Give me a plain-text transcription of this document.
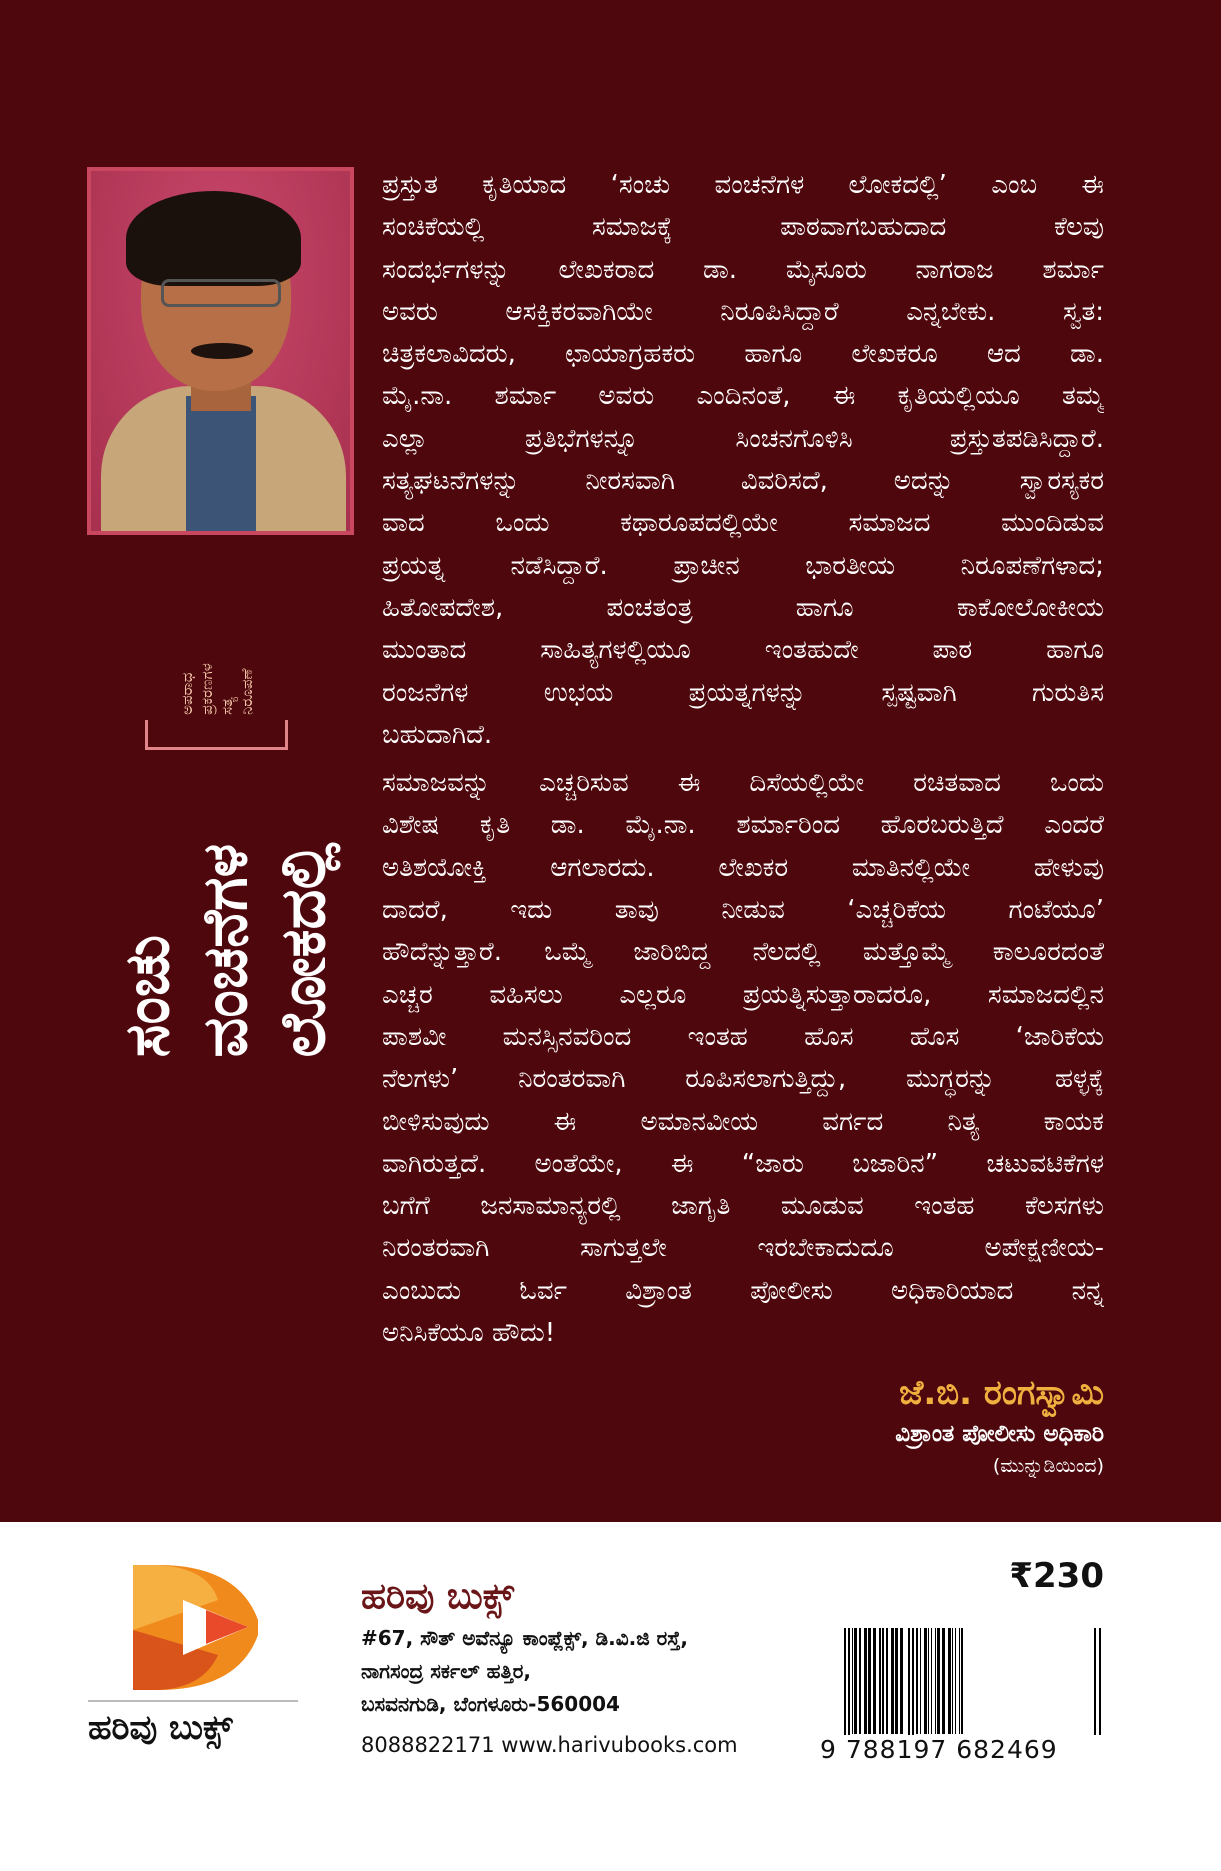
ಅಪರಾಧ ಪ್ರಕರಣಗಳ ಸತ್ಯ ನಿರೂಪಣೆ
ಸಂಚು ವಂಚನೆಗಳ ಲೋಕದಲ್ಲಿ
ಪ್ರಸ್ತುತ ಕೃತಿಯಾದ ‘ಸಂಚು ವಂಚನೆಗಳ ಲೋಕದಲ್ಲಿ’ ಎಂಬ ಈ
ಸಂಚಿಕೆಯಲ್ಲಿ ಸಮಾಜಕ್ಕೆ ಪಾಠವಾಗಬಹುದಾದ ಕೆಲವು
ಸಂದರ್ಭಗಳನ್ನು ಲೇಖಕರಾದ ಡಾ. ಮೈಸೂರು ನಾಗರಾಜ ಶರ್ಮಾ
ಅವರು ಆಸಕ್ತಿಕರವಾಗಿಯೇ ನಿರೂಪಿಸಿದ್ದಾರೆ ಎನ್ನಬೇಕು. ಸ್ವತ:
ಚಿತ್ರಕಲಾವಿದರು, ಛಾಯಾಗ್ರಹಕರು ಹಾಗೂ ಲೇಖಕರೂ ಆದ ಡಾ.
ಮೈ.ನಾ. ಶರ್ಮಾ ಅವರು ಎಂದಿನಂತೆ, ಈ ಕೃತಿಯಲ್ಲಿಯೂ ತಮ್ಮ
ಎಲ್ಲಾ ಪ್ರತಿಭೆಗಳನ್ನೂ ಸಿಂಚನಗೊಳಿಸಿ ಪ್ರಸ್ತುತಪಡಿಸಿದ್ದಾರೆ.
ಸತ್ಯಘಟನೆಗಳನ್ನು ನೀರಸವಾಗಿ ವಿವರಿಸದೆ, ಅದನ್ನು ಸ್ವಾರಸ್ಯಕರ
ವಾದ ಒಂದು ಕಥಾರೂಪದಲ್ಲಿಯೇ ಸಮಾಜದ ಮುಂದಿಡುವ
ಪ್ರಯತ್ನ ನಡೆಸಿದ್ದಾರೆ. ಪ್ರಾಚೀನ ಭಾರತೀಯ ನಿರೂಪಣೆಗಳಾದ;
ಹಿತೋಪದೇಶ, ಪಂಚತಂತ್ರ ಹಾಗೂ ಕಾಕೋಲೋಕೀಯ
ಮುಂತಾದ ಸಾಹಿತ್ಯಗಳಲ್ಲಿಯೂ ಇಂತಹುದೇ ಪಾಠ ಹಾಗೂ
ರಂಜನೆಗಳ ಉಭಯ ಪ್ರಯತ್ನಗಳನ್ನು ಸ್ಪಷ್ಟವಾಗಿ ಗುರುತಿಸ
ಬಹುದಾಗಿದೆ.
ಸಮಾಜವನ್ನು ಎಚ್ಚರಿಸುವ ಈ ದಿಸೆಯಲ್ಲಿಯೇ ರಚಿತವಾದ ಒಂದು
ವಿಶೇಷ ಕೃತಿ ಡಾ. ಮೈ.ನಾ. ಶರ್ಮಾರಿಂದ ಹೊರಬರುತ್ತಿದೆ ಎಂದರೆ
ಅತಿಶಯೋಕ್ತಿ ಆಗಲಾರದು. ಲೇಖಕರ ಮಾತಿನಲ್ಲಿಯೇ ಹೇಳುವು
ದಾದರೆ, ಇದು ತಾವು ನೀಡುವ ‘ಎಚ್ಚರಿಕೆಯ ಗಂಟೆಯೂ’
ಹೌದೆನ್ನುತ್ತಾರೆ. ಒಮ್ಮೆ ಜಾರಿಬಿದ್ದ ನೆಲದಲ್ಲಿ ಮತ್ತೊಮ್ಮೆ ಕಾಲೂರದಂತೆ
ಎಚ್ಚರ ವಹಿಸಲು ಎಲ್ಲರೂ ಪ್ರಯತ್ನಿಸುತ್ತಾರಾದರೂ, ಸಮಾಜದಲ್ಲಿನ
ಪಾಶವೀ ಮನಸ್ಸಿನವರಿಂದ ಇಂತಹ ಹೊಸ ಹೊಸ ‘ಜಾರಿಕೆಯ
ನೆಲಗಳು’ ನಿರಂತರವಾಗಿ ರೂಪಿಸಲಾಗುತ್ತಿದ್ದು, ಮುಗ್ಧರನ್ನು ಹಳ್ಳಕ್ಕೆ
ಬೀಳಿಸುವುದು ಈ ಅಮಾನವೀಯ ವರ್ಗದ ನಿತ್ಯ ಕಾಯಕ
ವಾಗಿರುತ್ತದೆ. ಅಂತೆಯೇ, ಈ “ಜಾರು ಬಜಾರಿನ” ಚಟುವಟಿಕೆಗಳ
ಬಗೆಗೆ ಜನಸಾಮಾನ್ಯರಲ್ಲಿ ಜಾಗೃತಿ ಮೂಡುವ ಇಂತಹ ಕೆಲಸಗಳು
ನಿರಂತರವಾಗಿ ಸಾಗುತ್ತಲೇ ಇರಬೇಕಾದುದೂ ಅಪೇಕ್ಷಣೀಯ-
ಎಂಬುದು ಓರ್ವ ವಿಶ್ರಾಂತ ಪೋಲೀಸು ಅಧಿಕಾರಿಯಾದ ನನ್ನ
ಅನಿಸಿಕೆಯೂ ಹೌದು!
ಜೆ.ಬಿ. ರಂಗಸ್ವಾಮಿ
ವಿಶ್ರಾಂತ ಪೋಲೀಸು ಅಧಿಕಾರಿ
(ಮುನ್ನುಡಿಯಿಂದ)
ಹರಿವು ಬುಕ್ಸ್
ಹರಿವು ಬುಕ್ಸ್
#67, ಸೌತ್ ಅವೆನ್ಯೂ ಕಾಂಪ್ಲೆಕ್ಸ್, ಡಿ.ವಿ.ಜಿ ರಸ್ತೆ,
ನಾಗಸಂದ್ರ ಸರ್ಕಲ್ ಹತ್ತಿರ,
ಬಸವನಗುಡಿ, ಬೆಂಗಳೂರು-560004
8088822171 www.harivubooks.com
₹230
9 788197 682469
